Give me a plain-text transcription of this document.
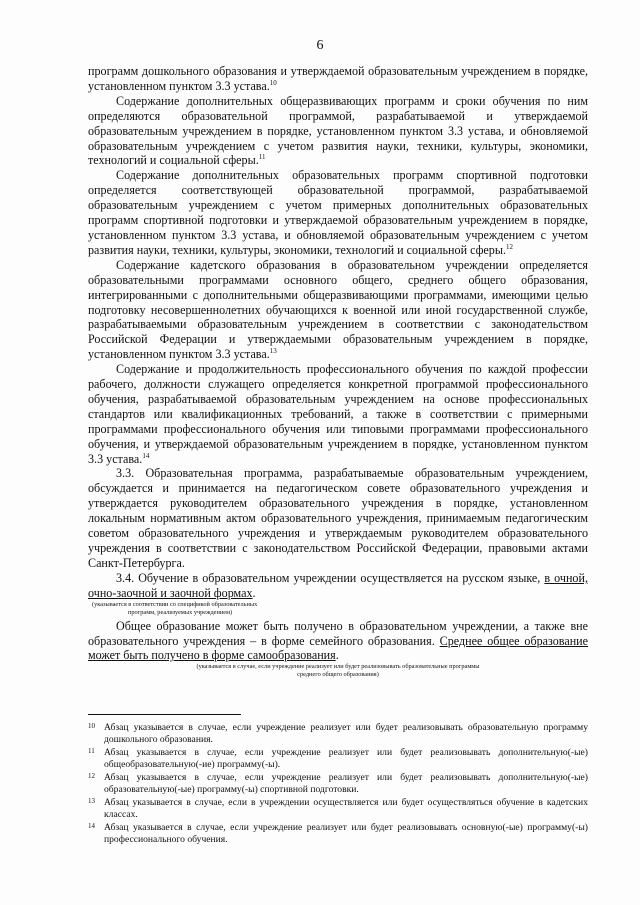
6

программ дошкольного образования и утверждаемой образовательным учреждением в порядке, установленном пунктом 3.3 устава.$^{10}$

Содержание дополнительных общеразвивающих программ и сроки обучения по ним определяются образовательной программой, разрабатываемой и утверждаемой образовательным учреждением в порядке, установленном пунктом 3.3 устава, и обновляемой образовательным учреждением с учетом развития науки, техники, культуры, экономики, технологий и социальной сферы.$^{11}$

Содержание дополнительных образовательных программ спортивной подготовки определяется соответствующей образовательной программой, разрабатываемой образовательным учреждением с учетом примерных дополнительных образовательных программ спортивной подготовки и утверждаемой образовательным учреждением в порядке, установленном пунктом 3.3 устава, и обновляемой образовательным учреждением с учетом развития науки, техники, культуры, экономики, технологий и социальной сферы.$^{12}$

Содержание кадетского образования в образовательном учреждении определяется образовательными программами основного общего, среднего общего образования, интегрированными с дополнительными общеразвивающими программами, имеющими целью подготовку несовершеннолетних обучающихся к военной или иной государственной службе, разрабатываемыми образовательным учреждением в соответствии с законодательством Российской Федерации и утверждаемыми образовательным учреждением в порядке, установленном пунктом 3.3 устава.$^{13}$

Содержание и продолжительность профессионального обучения по каждой профессии рабочего, должности служащего определяется конкретной программой профессионального обучения, разрабатываемой образовательным учреждением на основе профессиональных стандартов или квалификационных требований, а также в соответствии с примерными программами профессионального обучения или типовыми программами профессионального обучения, и утверждаемой образовательным учреждением в порядке, установленном пунктом 3.3 устава.$^{14}$

3.3. Образовательная программа, разрабатываемые образовательным учреждением, обсуждается и принимается на педагогическом совете образовательного учреждения и утверждается руководителем образовательного учреждения в порядке, установленном локальным нормативным актом образовательного учреждения, принимаемым педагогическим советом образовательного учреждения и утверждаемым руководителем образовательного учреждения в соответствии с законодательством Российской Федерации, правовыми актами Санкт-Петербурга.

3.4. Обучение в образовательном учреждении осуществляется на русском языке, в очной, очно-заочной и заочной формах.

(указывается в соответствии со спецификой образовательных

программ, реализуемых учреждением)

Общее образование может быть получено в образовательном учреждении, а также вне образовательного учреждения – в форме семейного образования. Среднее общее образование может быть получено в форме самообразования.

(указывается в случае, если учреждение реализует или будет реализовывать образовательные программы

среднего общего образования)

10 Абзац указывается в случае, если учреждение реализует или будет реализовывать образовательную программу дошкольного образования.

11 Абзац указывается в случае, если учреждение реализует или будет реализовывать дополнительную(-ые) общеобразовательную(-ие) программу(-ы).

12 Абзац указывается в случае, если учреждение реализует или будет реализовывать дополнительную(-ые) образовательную(-ые) программу(-ы) спортивной подготовки.

13 Абзац указывается в случае, если в учреждении осуществляется или будет осуществляться обучение в кадетских классах.

14 Абзац указывается в случае, если учреждение реализует или будет реализовывать основную(-ые) программу(-ы) профессионального обучения.
